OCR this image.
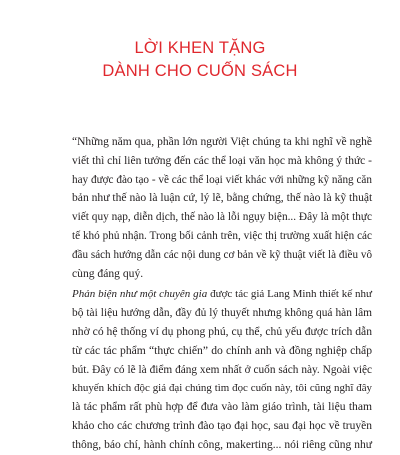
LỜI KHEN TẶNG
DÀNH CHO CUỐN SÁCH
“Những năm qua, phần lớn người Việt chúng ta khi nghĩ về nghề
viết thì chỉ liên tưởng đến các thể loại văn học mà không ý thức -
hay được đào tạo - về các thể loại viết khác với những kỹ năng căn
bản như thế nào là luận cứ, lý lẽ, bằng chứng, thế nào là kỹ thuật
viết quy nạp, diễn dịch, thế nào là lỗi ngụy biện... Đây là một thực
tế khó phủ nhận. Trong bối cảnh trên, việc thị trường xuất hiện các
đầu sách hướng dẫn các nội dung cơ bản về kỹ thuật viết là điều vô
cùng đáng quý.
Phản biện như một chuyên gia được tác giả Lang Minh thiết kế như
bộ tài liệu hướng dẫn, đầy đủ lý thuyết nhưng không quá hàn lâm
nhờ có hệ thống ví dụ phong phú, cụ thể, chủ yếu được trích dẫn
từ các tác phẩm “thực chiến” do chính anh và đồng nghiệp chấp
bút. Đây có lẽ là điểm đáng xem nhất ở cuốn sách này. Ngoài việc
khuyến khích độc giả đại chúng tìm đọc cuốn này, tôi cũng nghĩ đây
là tác phẩm rất phù hợp để đưa vào làm giáo trình, tài liệu tham
khảo cho các chương trình đào tạo đại học, sau đại học về truyền
thông, báo chí, hành chính công, makerting... nói riêng cũng như
